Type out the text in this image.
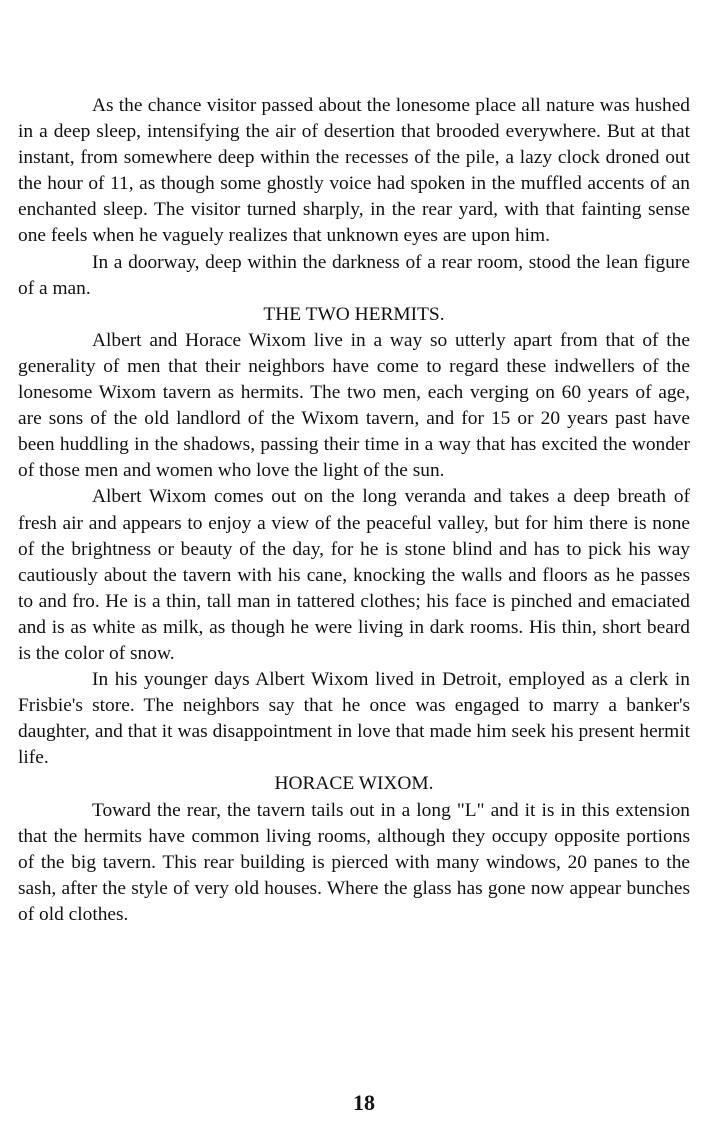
As the chance visitor passed about the lonesome place all nature was hushed in a deep sleep, intensifying the air of desertion that brooded everywhere. But at that instant, from somewhere deep within the recesses of the pile, a lazy clock droned out the hour of 11, as though some ghostly voice had spoken in the muffled accents of an enchanted sleep. The visitor turned sharply, in the rear yard, with that fainting sense one feels when he vaguely realizes that unknown eyes are upon him.

In a doorway, deep within the darkness of a rear room, stood the lean figure of a man.

THE TWO HERMITS.

Albert and Horace Wixom live in a way so utterly apart from that of the generality of men that their neighbors have come to regard these indwellers of the lonesome Wixom tavern as hermits. The two men, each verging on 60 years of age, are sons of the old landlord of the Wixom tavern, and for 15 or 20 years past have been huddling in the shadows, passing their time in a way that has excited the wonder of those men and women who love the light of the sun.

Albert Wixom comes out on the long veranda and takes a deep breath of fresh air and appears to enjoy a view of the peaceful valley, but for him there is none of the brightness or beauty of the day, for he is stone blind and has to pick his way cautiously about the tavern with his cane, knocking the walls and floors as he passes to and fro. He is a thin, tall man in tattered clothes; his face is pinched and emaciated and is as white as milk, as though he were living in dark rooms. His thin, short beard is the color of snow.

In his younger days Albert Wixom lived in Detroit, employed as a clerk in Frisbie's store. The neighbors say that he once was engaged to marry a banker's daughter, and that it was disappointment in love that made him seek his present hermit life.

HORACE WIXOM.

Toward the rear, the tavern tails out in a long "L" and it is in this extension that the hermits have common living rooms, although they occupy opposite portions of the big tavern. This rear building is pierced with many windows, 20 panes to the sash, after the style of very old houses. Where the glass has gone now appear bunches of old clothes.

18
